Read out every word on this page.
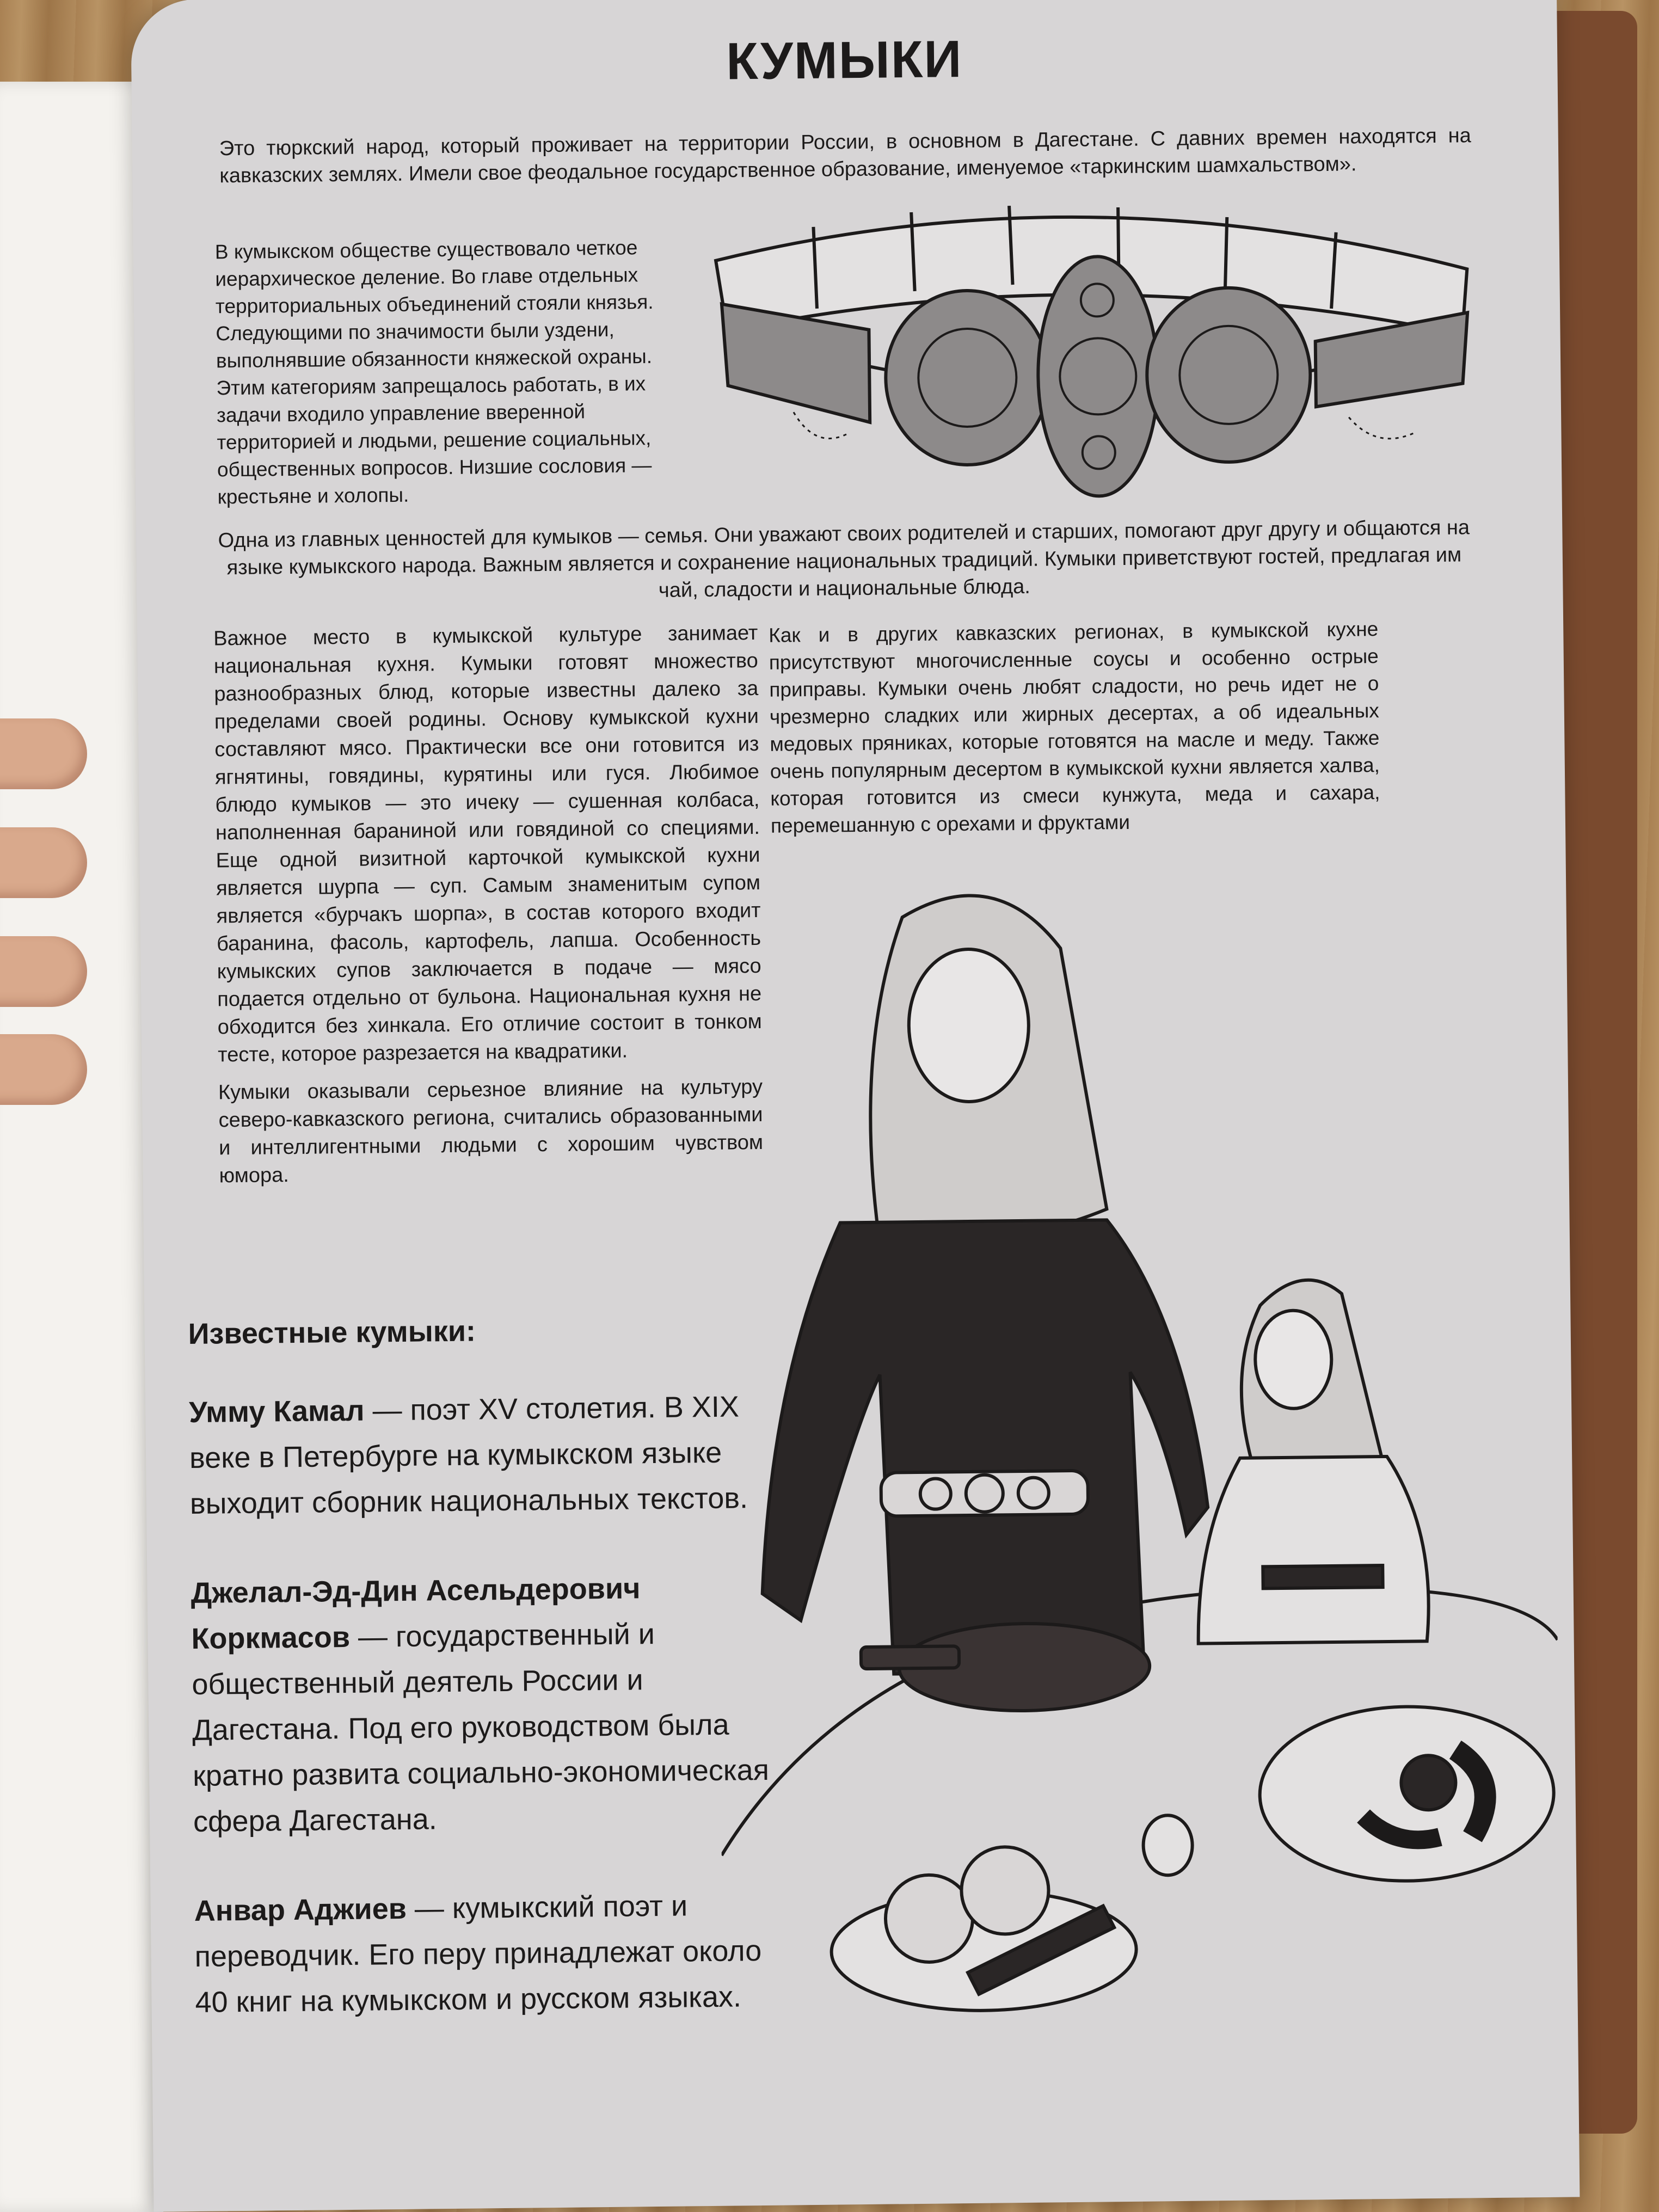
КУМЫКИ
Это тюркский народ, который проживает на территории России, в основном в Дагестане. С давних времен находятся на кавказских землях. Имели свое феодальное государственное образование, именуемое «таркинским шамхальством».
В кумыкском обществе существовало четкое иерархическое деление. Во главе отдельных территориальных объединений стояли князья. Следующими по значимости были уздени, выполнявшие обязанности княжеской охраны. Этим категориям запрещалось работать, в их задачи входило управление вверенной территорией и людьми, решение социальных, общественных вопросов. Низшие сословия — крестьяне и холопы.
Одна из главных ценностей для кумыков — семья. Они уважают своих родителей и старших, помогают друг другу и общаются на языке кумыкского народа. Важным является и сохранение национальных традиций. Кумыки приветствуют гостей, предлагая им чай, сладости и национальные блюда.

Важное место в кумыкской культуре занимает национальная кухня. Кумыки готовят множество разнообразных блюд, которые известны далеко за пределами своей родины. Основу кумыкской кухни составляют мясо. Практически все они готовится из ягнятины, говядины, курятины или гуся. Любимое блюдо кумыков — это ичеку — сушенная колбаса, наполненная бараниной или говядиной со специями. Еще одной визитной карточкой кумыкской кухни является шурпа — суп. Самым знаменитым супом является «бурчакъ шорпа», в состав которого входит баранина, фасоль, картофель, лапша. Особенность кумыкских супов заключается в подаче — мясо подается отдельно от бульона. Национальная кухня не обходится без хинкала. Его отличие состоит в тонком тесте, которое разрезается на квадратики.

Кумыки оказывали серьезное влияние на культуру северо-кавказского региона, считались образованными и интеллигентными людьми с хорошим чувством юмора.

Как и в других кавказских регионах, в кумыкской кухне присутствуют многочисленные соусы и особенно острые приправы. Кумыки очень любят сладости, но речь идет не о чрезмерно сладких или жирных десертах, а об идеальных медовых пряниках, которые готовятся на масле и меду. Также очень популярным десертом в кумыкской кухни является халва, которая готовится из смеси кунжута, меда и сахара, перемешанную с орехами и фруктами
Известные кумыки:
Умму Камал — поэт XV столетия. В XIX веке в Петербурге на кумыкском языке выходит сборник национальных текстов.
Джелал-Эд-Дин Асельдерович Коркмасов — государственный и общественный деятель России и Дагестана. Под его руководством была кратно развита социально-экономическая сфера Дагестана.
Анвар Аджиев — кумыкский поэт и переводчик. Его перу принадлежат около 40 книг на кумыкском и русском языках.
